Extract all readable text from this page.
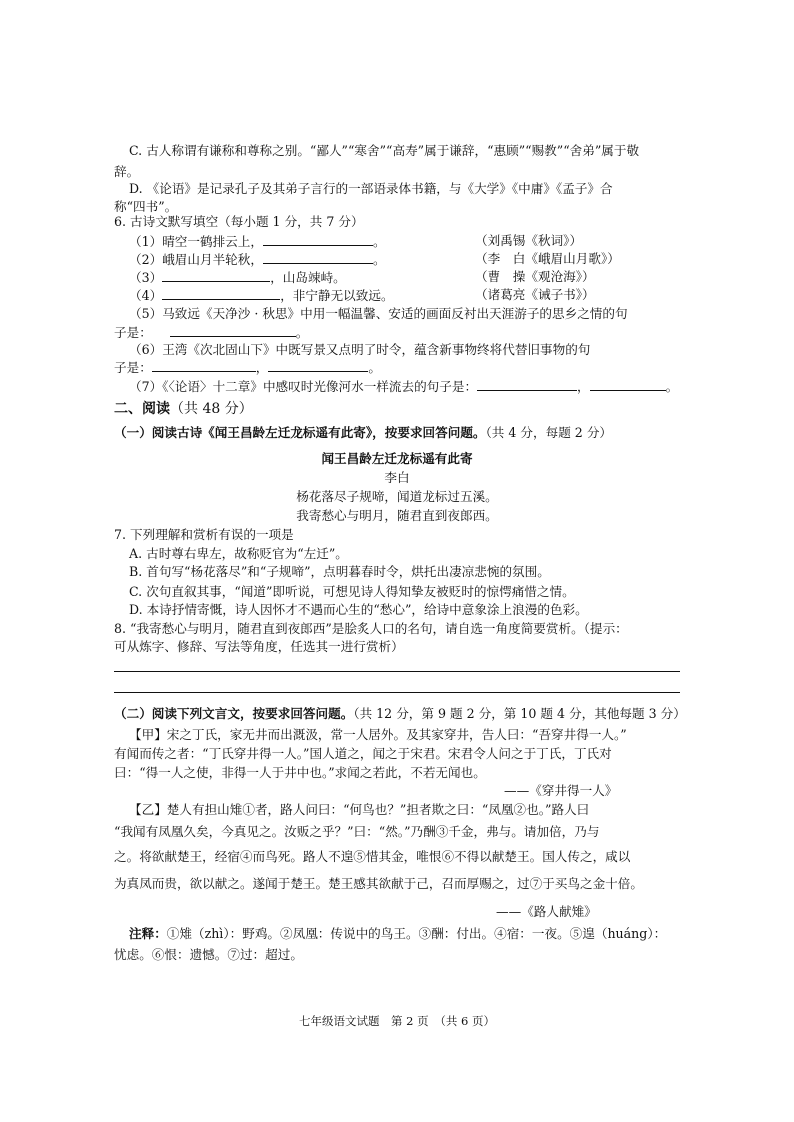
C. 古人称谓有谦称和尊称之别。“鄙人”“寒舍”“高寿”属于谦辞，“惠顾”“赐教”“舍弟”属于敬
辞。
D. 《论语》是记录孔子及其弟子言行的一部语录体书籍，与《大学》《中庸》《孟子》合
称“四书”。
6. 古诗文默写填空（每小题 1 分，共 7 分）
（1）晴空一鹤排云上，	。	（刘禹锡《秋词》）
（2）峨眉山月半轮秋，	。	（李　白《峨眉山月歌》）
（3）	，山岛竦峙。	（曹　操《观沧海》）
（4）	，非宁静无以致远。	（诸葛亮《诫子书》）
（5）马致远《天净沙 · 秋思》中用一幅温馨、安适的画面反衬出天涯游子的思乡之情的句
子是：	。
（6）王湾《次北固山下》中既写景又点明了时令，蕴含新事物终将代替旧事物的句
子是：	，	。
（7）《〈论语〉十二章》中感叹时光像河水一样流去的句子是：	，	。
二、阅读（共 48 分）
（一）阅读古诗《闻王昌龄左迁龙标遥有此寄》，按要求回答问题。（共 4 分，每题 2 分）
闻王昌龄左迁龙标遥有此寄
李白
杨花落尽子规啼，闻道龙标过五溪。
我寄愁心与明月，随君直到夜郎西。
7. 下列理解和赏析有误的一项是
A. 古时尊右卑左，故称贬官为“左迁”。
B. 首句写“杨花落尽”和“子规啼”，点明暮春时令，烘托出凄凉悲惋的氛围。
C. 次句直叙其事，“闻道”即听说，可想见诗人得知挚友被贬时的惊愕痛惜之情。
D. 本诗抒情寄慨，诗人因怀才不遇而心生的“愁心”，给诗中意象涂上浪漫的色彩。
8. “我寄愁心与明月，随君直到夜郎西”是脍炙人口的名句，请自选一角度简要赏析。（提示：
可从炼字、修辞、写法等角度，任选其一进行赏析）
（二）阅读下列文言文，按要求回答问题。（共 12 分，第 9 题 2 分，第 10 题 4 分，其他每题 3 分）
【甲】宋之丁氏，家无井而出溉汲，常一人居外。及其家穿井，告人曰：“吾穿井得一人。”
有闻而传之者：“丁氏穿井得一人。”国人道之，闻之于宋君。宋君令人问之于丁氏，丁氏对
曰：“得一人之使，非得一人于井中也。”求闻之若此，不若无闻也。
——《穿井得一人》
【乙】楚人有担山雉①者，路人问曰：“何鸟也？”担者欺之曰：“凤凰②也。”路人曰
“我闻有凤凰久矣，今真见之。汝贩之乎？”曰：“然。”乃酬③千金，弗与。请加倍，乃与
之。将欲献楚王，经宿④而鸟死。路人不遑⑤惜其金，唯恨⑥不得以献楚王。国人传之，咸以
为真凤而贵，欲以献之。遂闻于楚王。楚王感其欲献于己，召而厚赐之，过⑦于买鸟之金十倍。
——《路人献雉》
注释：①雉（zhì）：野鸡。②凤凰：传说中的鸟王。③酬：付出。④宿：一夜。⑤遑（huáng）：
忧虑。⑥恨：遗憾。⑦过：超过。
七年级语文试题　第 2 页　（共 6 页）
